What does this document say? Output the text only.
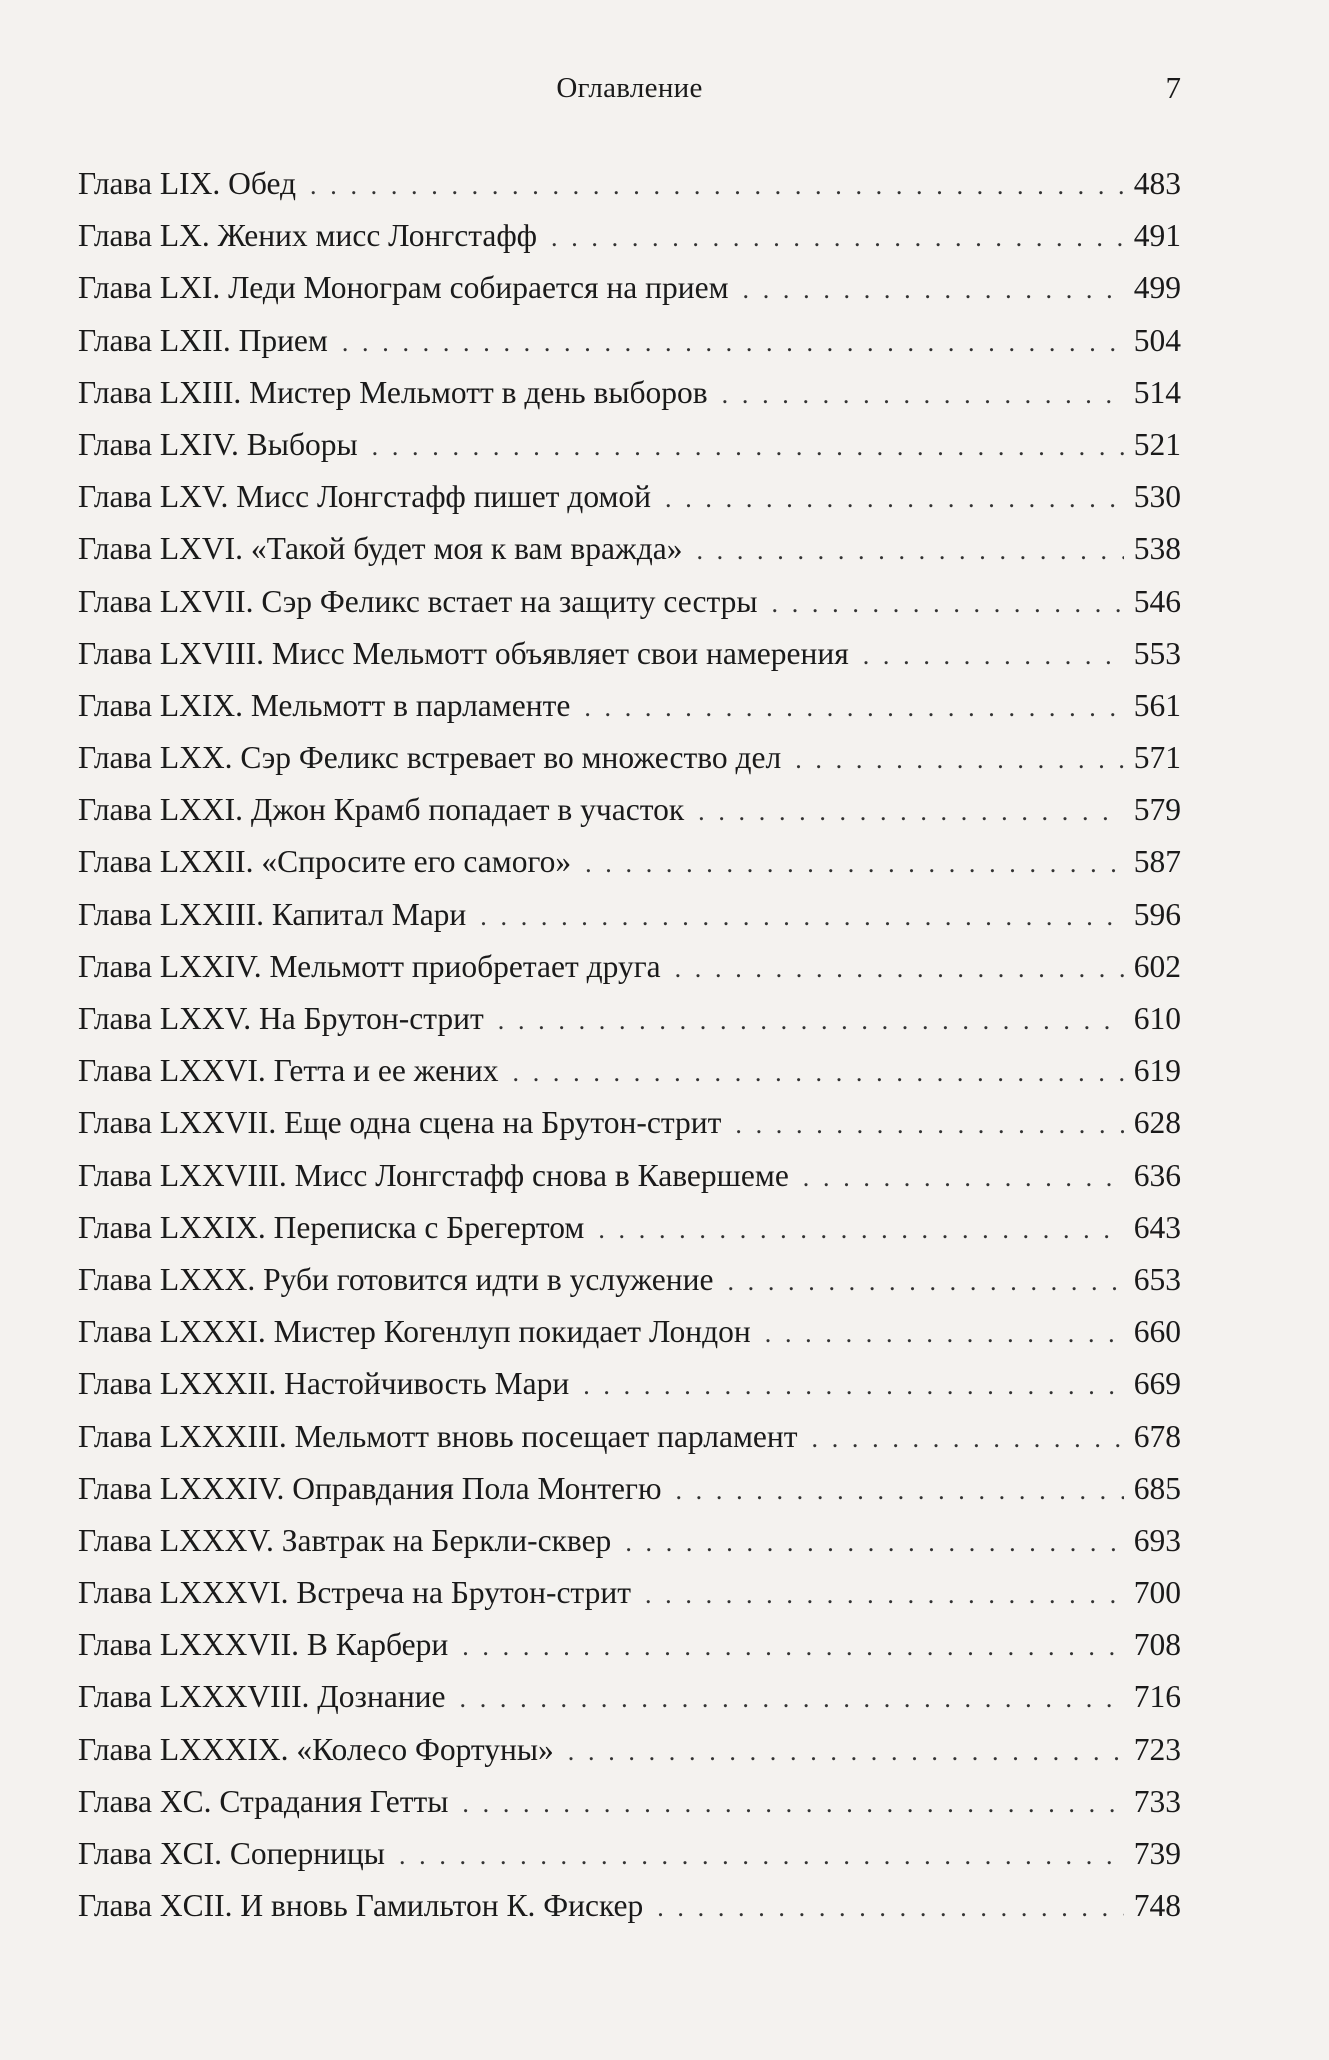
Оглавление	7
Глава LIX. Обед . . .	483
Глава LX. Жених мисс Лонгстафф . . .	491
Глава LXI. Леди Монограм собирается на прием . . .	499
Глава LXII. Прием . . .	504
Глава LXIII. Мистер Мельмотт в день выборов . . .	514
Глава LXIV. Выборы . . .	521
Глава LXV. Мисс Лонгстафф пишет домой . . .	530
Глава LXVI. «Такой будет моя к вам вражда» . . .	538
Глава LXVII. Сэр Феликс встает на защиту сестры . . .	546
Глава LXVIII. Мисс Мельмотт объявляет свои намерения . . .	553
Глава LXIX. Мельмотт в парламенте . . .	561
Глава LXX. Сэр Феликс встревает во множество дел . . .	571
Глава LXXI. Джон Крамб попадает в участок . . .	579
Глава LXXII. «Спросите его самого» . . .	587
Глава LXXIII. Капитал Мари . . .	596
Глава LXXIV. Мельмотт приобретает друга . . .	602
Глава LXXV. На Брутон-стрит . . .	610
Глава LXXVI. Гетта и ее жених . . .	619
Глава LXXVII. Еще одна сцена на Брутон-стрит . . .	628
Глава LXXVIII. Мисс Лонгстафф снова в Кавершеме . . .	636
Глава LXXIX. Переписка с Брегертом . . .	643
Глава LXXX. Руби готовится идти в услужение . . .	653
Глава LXXXI. Мистер Когенлуп покидает Лондон . . .	660
Глава LXXXII. Настойчивость Мари . . .	669
Глава LXXXIII. Мельмотт вновь посещает парламент . . .	678
Глава LXXXIV. Оправдания Пола Монтегю . . .	685
Глава LXXXV. Завтрак на Беркли-сквер . . .	693
Глава LXXXVI. Встреча на Брутон-стрит . . .	700
Глава LXXXVII. В Карбери . . .	708
Глава LXXXVIII. Дознание . . .	716
Глава LXXXIX. «Колесо Фортуны» . . .	723
Глава XC. Страдания Гетты . . .	733
Глава XCI. Соперницы . . .	739
Глава XCII. И вновь Гамильтон К. Фискер . . .	748
